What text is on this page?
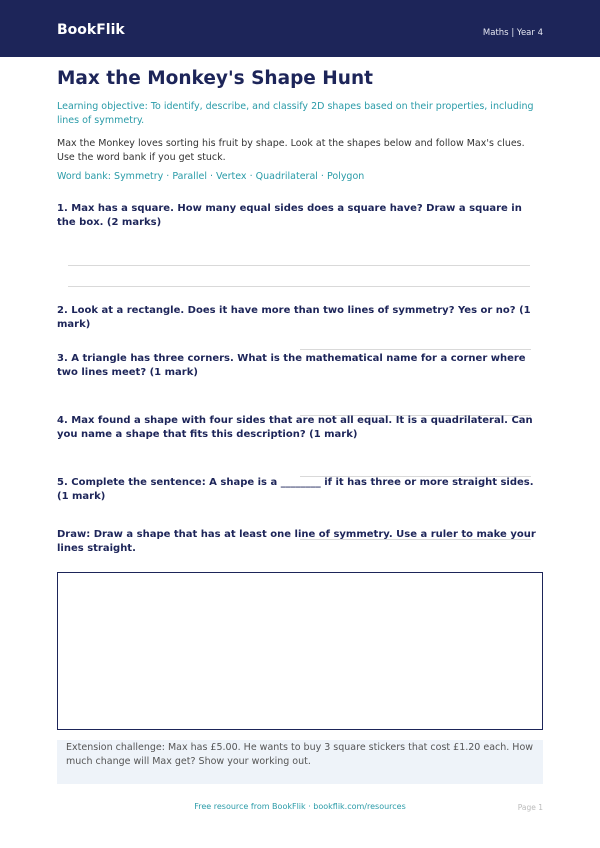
BookFlik	Maths | Year 4
Max the Monkey's Shape Hunt
Learning objective: To identify, describe, and classify 2D shapes based on their properties, including lines of symmetry.
Max the Monkey loves sorting his fruit by shape. Look at the shapes below and follow Max's clues. Use the word bank if you get stuck.
Word bank: Symmetry · Parallel · Vertex · Quadrilateral · Polygon
1. Max has a square. How many equal sides does a square have? Draw a square in the box. (2 marks)
2. Look at a rectangle. Does it have more than two lines of symmetry? Yes or no? (1 mark)
3. A triangle has three corners. What is the mathematical name for a corner where two lines meet? (1 mark)
4. Max found a shape with four sides that are not all equal. It is a quadrilateral. Can you name a shape that fits this description? (1 mark)
5. Complete the sentence: A shape is a ________ if it has three or more straight sides. (1 mark)
Draw: Draw a shape that has at least one line of symmetry. Use a ruler to make your lines straight.
Extension challenge: Max has £5.00. He wants to buy 3 square stickers that cost £1.20 each. How much change will Max get? Show your working out.
Free resource from BookFlik · bookflik.com/resources	Page 1
